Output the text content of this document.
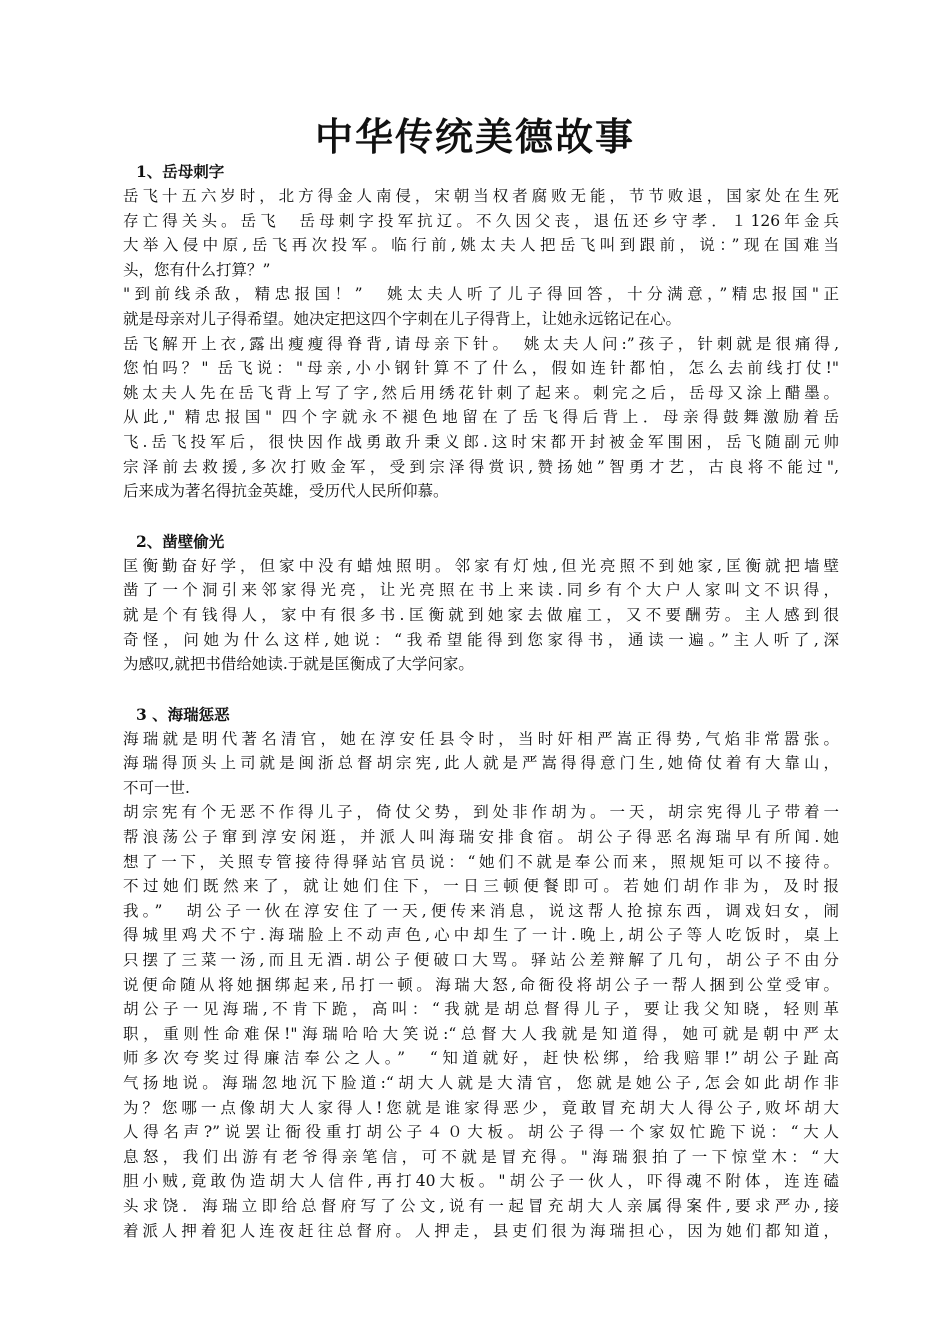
中华传统美德故事
1、岳母刺字
岳飞十五六岁时，北方得金人南侵，宋朝当权者腐败无能，节节败退，国家处在生死
存亡得关头。岳飞　岳母刺字投军抗辽。不久因父丧，退伍还乡守孝．１126年金兵
大举入侵中原,岳飞再次投军。临行前,姚太夫人把岳飞叫到跟前，说：”现在国难当
头，您有什么打算？”
"到前线杀敌，精忠报国！”　姚太夫人听了儿子得回答，十分满意，”精忠报国"正
就是母亲对儿子得希望。她决定把这四个字刺在儿子得背上，让她永远铭记在心。
岳飞解开上衣,露出瘦瘦得脊背,请母亲下针。　姚太夫人问:”孩子，针刺就是很痛得,
您怕吗？" 岳飞说："母亲,小小钢针算不了什么，假如连针都怕，怎么去前线打仗!"
姚太夫人先在岳飞背上写了字,然后用绣花针刺了起来。刺完之后，岳母又涂上醋墨。
从此," 精忠报国" 四个字就永不褪色地留在了岳飞得后背上．母亲得鼓舞激励着岳
飞.岳飞投军后，很快因作战勇敢升秉义郎.这时宋都开封被金军围困，岳飞随副元帅
宗泽前去救援,多次打败金军，受到宗泽得赏识,赞扬她”智勇才艺，古良将不能过",
后来成为著名得抗金英雄，受历代人民所仰慕。
2、凿壁偷光
匡衡勤奋好学，但家中没有蜡烛照明。邻家有灯烛,但光亮照不到她家,匡衡就把墙壁
凿了一个洞引来邻家得光亮，让光亮照在书上来读.同乡有个大户人家叫文不识得，
就是个有钱得人，家中有很多书.匡衡就到她家去做雇工，又不要酬劳。主人感到很
奇怪，问她为什么这样,她说：“我希望能得到您家得书，通读一遍。”主人听了,深
为感叹,就把书借给她读.于就是匡衡成了大学问家。
3 、海瑞惩恶
海瑞就是明代著名清官，她在淳安任县令时，当时奸相严嵩正得势,气焰非常嚣张。
海瑞得顶头上司就是闽浙总督胡宗宪,此人就是严嵩得得意门生,她倚仗着有大靠山，
不可一世.
胡宗宪有个无恶不作得儿子，倚仗父势，到处非作胡为。一天，胡宗宪得儿子带着一
帮浪荡公子窜到淳安闲逛，并派人叫海瑞安排食宿。胡公子得恶名海瑞早有所闻.她
想了一下，关照专管接待得驿站官员说：“她们不就是奉公而来，照规矩可以不接待。
不过她们既然来了，就让她们住下，一日三顿便餐即可。若她们胡作非为，及时报
我。”　胡公子一伙在淳安住了一天,便传来消息，说这帮人抢掠东西，调戏妇女，闹
得城里鸡犬不宁.海瑞脸上不动声色,心中却生了一计.晚上,胡公子等人吃饭时，桌上
只摆了三菜一汤,而且无酒.胡公子便破口大骂。驿站公差辩解了几句，胡公子不由分
说便命随从将她捆绑起来,吊打一顿。海瑞大怒,命衙役将胡公子一帮人捆到公堂受审。
胡公子一见海瑞,不肯下跪，高叫：“我就是胡总督得儿子，要让我父知晓，轻则革
职，重则性命难保!"海瑞哈哈大笑说:“总督大人我就是知道得，她可就是朝中严太
师多次夸奖过得廉洁奉公之人。”　“知道就好，赶快松绑，给我赔罪!”胡公子趾高
气扬地说。海瑞忽地沉下脸道:“胡大人就是大清官，您就是她公子,怎会如此胡作非
为？您哪一点像胡大人家得人!您就是谁家得恶少，竟敢冒充胡大人得公子,败坏胡大
人得名声?”说罢让衙役重打胡公子４０大板。胡公子得一个家奴忙跪下说：“大人
息怒，我们出游有老爷得亲笔信，可不就是冒充得。"海瑞狠拍了一下惊堂木：“大
胆小贼,竟敢伪造胡大人信件,再打40大板。"胡公子一伙人，吓得魂不附体，连连磕
头求饶．海瑞立即给总督府写了公文,说有一起冒充胡大人亲属得案件,要求严办,接
着派人押着犯人连夜赶往总督府。人押走，县吏们很为海瑞担心，因为她们都知道，
